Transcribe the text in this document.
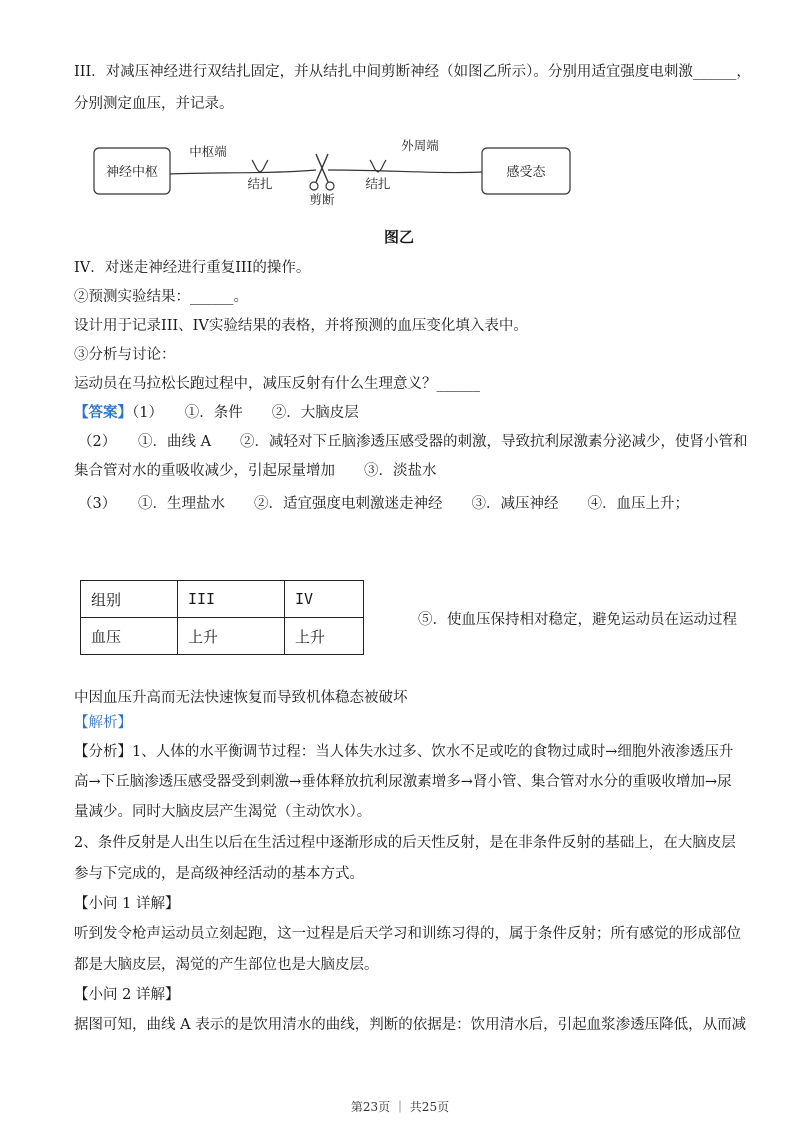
III．对减压神经进行双结扎固定，并从结扎中间剪断神经（如图乙所示）。分别用适宜强度电刺激______，
分别测定血压，并记录。
神经中枢	感受态
中枢端	外周端
结扎	结扎
剪断
图乙
IV．对迷走神经进行重复III的操作。
②预测实验结果：______。
设计用于记录III、IV实验结果的表格，并将预测的血压变化填入表中。
③分析与讨论：
运动员在马拉松长跑过程中，减压反射有什么生理意义？______
【答案】（1）　　①．条件　　②．大脑皮层
（2）　　①．曲线 A　　②．减轻对下丘脑渗透压感受器的刺激，导致抗利尿激素分泌减少，使肾小管和
集合管对水的重吸收减少，引起尿量增加　　③．淡盐水
（3）　　①．生理盐水　　②．适宜强度电刺激迷走神经　　③．减压神经　　④．血压上升；
组别	III	IV
血压	上升	上升
⑤．使血压保持相对稳定，避免运动员在运动过程
中因血压升高而无法快速恢复而导致机体稳态被破坏
【解析】
【分析】1、人体的水平衡调节过程：当人体失水过多、饮水不足或吃的食物过咸时→细胞外液渗透压升
高→下丘脑渗透压感受器受到刺激→垂体释放抗利尿激素增多→肾小管、集合管对水分的重吸收增加→尿
量减少。同时大脑皮层产生渴觉（主动饮水）。
2、条件反射是人出生以后在生活过程中逐渐形成的后天性反射，是在非条件反射的基础上，在大脑皮层
参与下完成的，是高级神经活动的基本方式。
【小问 1 详解】
听到发令枪声运动员立刻起跑，这一过程是后天学习和训练习得的，属于条件反射；所有感觉的形成部位
都是大脑皮层，渴觉的产生部位也是大脑皮层。
【小问 2 详解】
据图可知，曲线 A 表示的是饮用清水的曲线，判断的依据是：饮用清水后，引起血浆渗透压降低，从而减
第23页 ｜ 共25页
